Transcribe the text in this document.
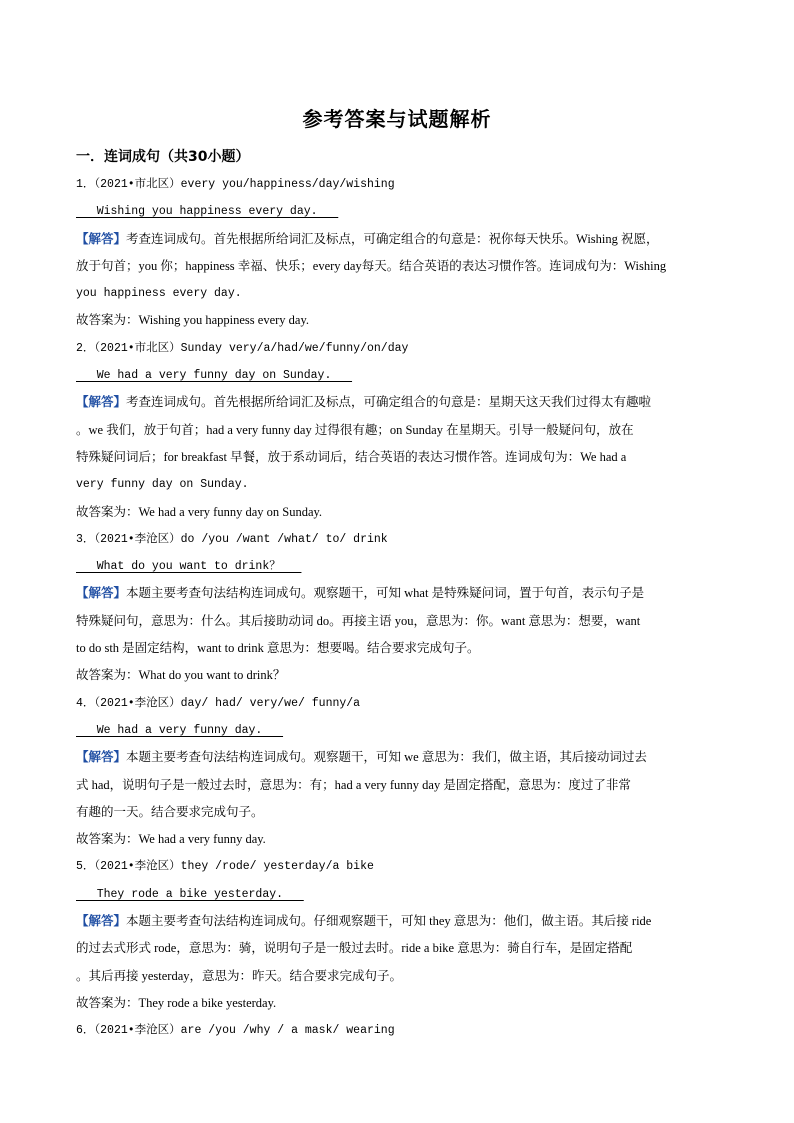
参考答案与试题解析
一．连词成句（共30小题）
1．（2021•市北区）every you/happiness/day/wishing
Wishing you happiness every day.
【解答】考查连词成句。首先根据所给词汇及标点，可确定组合的句意是：祝你每天快乐。Wishing 祝愿，
放于句首；you 你；happiness 幸福、快乐；every day每天。结合英语的表达习惯作答。连词成句为：Wishing
you happiness every day.
故答案为：Wishing you happiness every day.
2．（2021•市北区）Sunday very/a/had/we/funny/on/day
We had a very funny day on Sunday.
【解答】考查连词成句。首先根据所给词汇及标点，可确定组合的句意是：星期天这天我们过得太有趣啦
。we 我们，放于句首；had a very funny day 过得很有趣；on Sunday 在星期天。引导一般疑问句，放在
特殊疑问词后；for breakfast 早餐，放于系动词后，结合英语的表达习惯作答。连词成句为：We had a
very funny day on Sunday.
故答案为：We had a very funny day on Sunday.
3．（2021•李沧区）do /you /want /what/ to/ drink
What do you want to drink？
【解答】本题主要考查句法结构连词成句。观察题干，可知 what 是特殊疑问词，置于句首，表示句子是
特殊疑问句，意思为：什么。其后接助动词 do。再接主语 you，意思为：你。want 意思为：想要，want
to do sth 是固定结构，want to drink 意思为：想要喝。结合要求完成句子。
故答案为：What do you want to drink？
4．（2021•李沧区）day/ had/ very/we/ funny/a
We had a very funny day.
【解答】本题主要考查句法结构连词成句。观察题干，可知 we 意思为：我们，做主语，其后接动词过去
式 had，说明句子是一般过去时，意思为：有；had a very funny day 是固定搭配，意思为：度过了非常
有趣的一天。结合要求完成句子。
故答案为：We had a very funny day.
5．（2021•李沧区）they /rode/ yesterday/a bike
They rode a bike yesterday.
【解答】本题主要考查句法结构连词成句。仔细观察题干，可知 they 意思为：他们，做主语。其后接 ride
的过去式形式 rode，意思为：骑，说明句子是一般过去时。ride a bike 意思为：骑自行车，是固定搭配
。其后再接 yesterday，意思为：昨天。结合要求完成句子。
故答案为：They rode a bike yesterday.
6．（2021•李沧区）are /you /why / a mask/ wearing
